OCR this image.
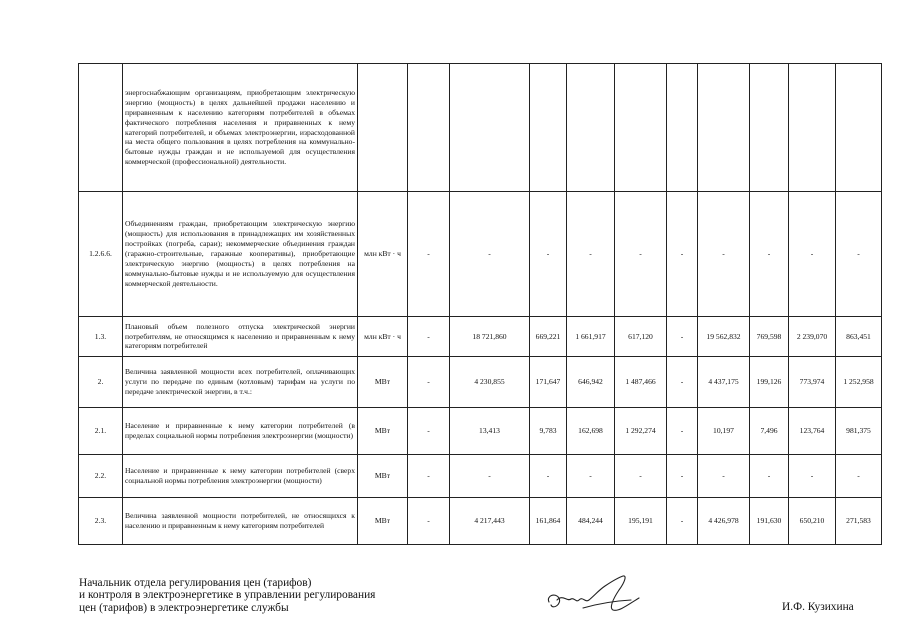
	энергоснабжающим организациям, приобретающим электрическую энергию (мощность) в целях дальнейшей продажи населению и приравненным к населению категориям потребителей в объемах фактического потребления населения и приравненных к нему категорий потребителей, и объемах электроэнергии, израсходованной на места общего пользования в целях потребления на коммунально-бытовые нужды граждан и не используемой для осуществления коммерческой (профессиональной) деятельности.											
1.2.6.6.	Объединениям граждан, приобретающим электрическую энергию (мощность) для использования в принадлежащих им хозяйственных постройках (погреба, сараи); некоммерческие объединения граждан (гаражно-строительные, гаражные кооперативы), приобретающие электрическую энергию (мощность) в целях потребления на коммунально-бытовые нужды и не используемую для осуществления коммерческой деятельности.	млн кВт · ч	-	-	-	-	-	-	-	-	-	-
1.3.	Плановый объем полезного отпуска электрической энергии потребителям, не относящимся к населению и приравненным к нему категориям потребителей	млн кВт · ч	-	18 721,860	669,221	1 661,917	617,120	-	19 562,832	769,598	2 239,070	863,451
2.	Величина заявленной мощности всех потребителей, оплачивающих услуги по передаче по единым (котловым) тарифам на услуги по передаче электрической энергии, в т.ч.:	МВт	-	4 230,855	171,647	646,942	1 487,466	-	4 437,175	199,126	773,974	1 252,958
2.1.	Население и приравненные к нему категории потребителей (в пределах социальной нормы потребления электроэнергии (мощности)	МВт	-	13,413	9,783	162,698	1 292,274	-	10,197	7,496	123,764	981,375
2.2.	Население и приравненные к нему категории потребителей (сверх социальной нормы потребления электроэнергии (мощности)	МВт	-	-	-	-	-	-	-	-	-	-
2.3.	Величина заявленной мощности потребителей, не относящихся к населению и приравненным к нему категориям потребителей	МВт	-	4 217,443	161,864	484,244	195,191	-	4 426,978	191,630	650,210	271,583
Начальник отдела регулирования цен (тарифов)
и контроля в электроэнергетике в управлении регулирования
цен (тарифов) в электроэнергетике службы	И.Ф. Кузихина
